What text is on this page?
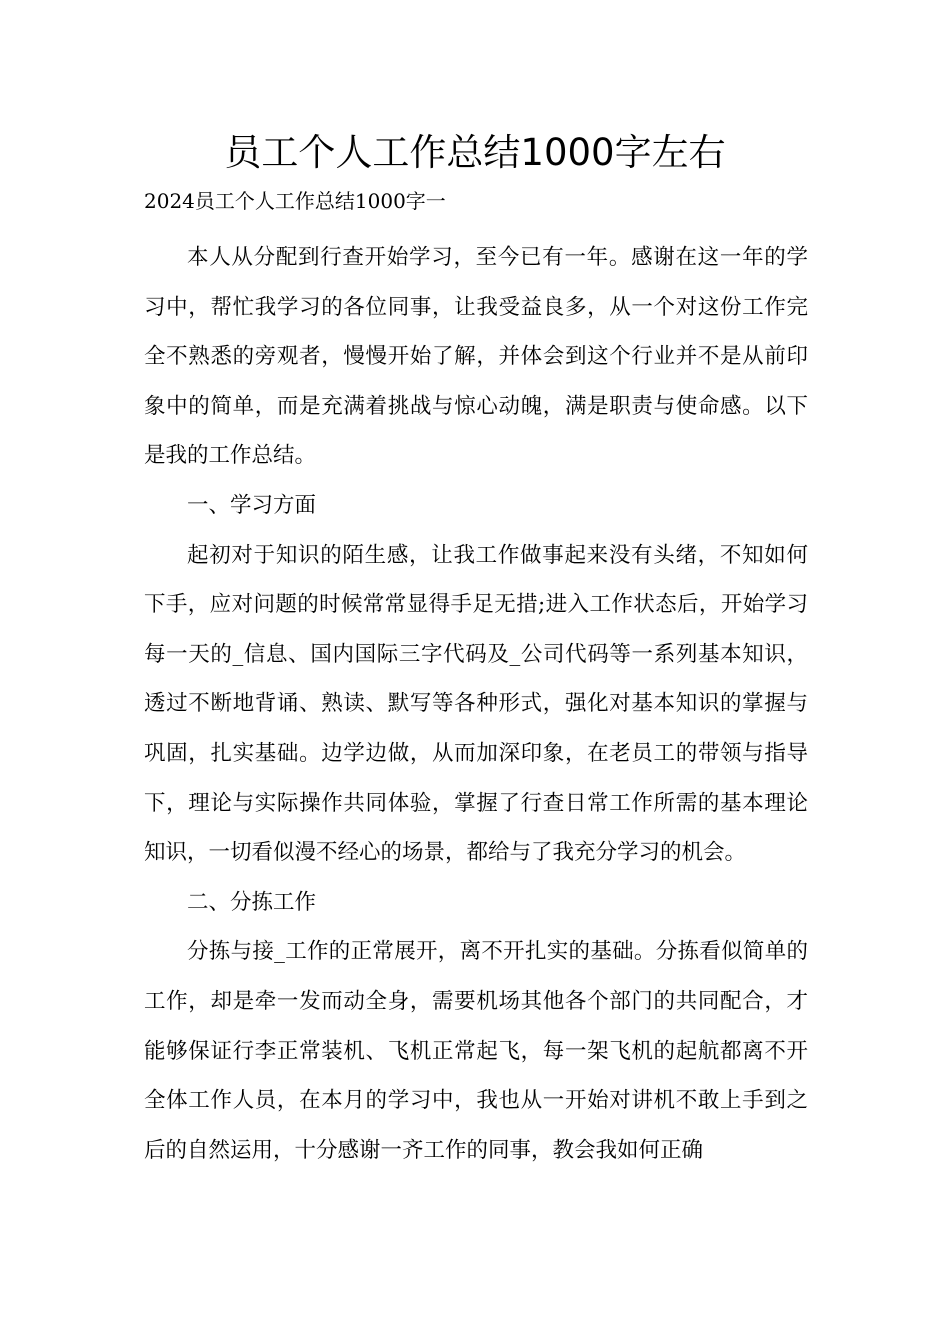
员工个人工作总结1000字左右

2024员工个人工作总结1000字一

本人从分配到行查开始学习，至今已有一年。感谢在这一年的学习中，帮忙我学习的各位同事，让我受益良多，从一个对这份工作完全不熟悉的旁观者，慢慢开始了解，并体会到这个行业并不是从前印象中的简单，而是充满着挑战与惊心动魄，满是职责与使命感。以下是我的工作总结。

一、学习方面

起初对于知识的陌生感，让我工作做事起来没有头绪，不知如何下手，应对问题的时候常常显得手足无措;进入工作状态后，开始学习每一天的_信息、国内国际三字代码及_公司代码等一系列基本知识，透过不断地背诵、熟读、默写等各种形式，强化对基本知识的掌握与巩固，扎实基础。边学边做，从而加深印象，在老员工的带领与指导下，理论与实际操作共同体验，掌握了行查日常工作所需的基本理论知识，一切看似漫不经心的场景，都给与了我充分学习的机会。

二、分拣工作

分拣与接_工作的正常展开，离不开扎实的基础。分拣看似简单的工作，却是牵一发而动全身，需要机场其他各个部门的共同配合，才能够保证行李正常装机、飞机正常起飞，每一架飞机的起航都离不开全体工作人员，在本月的学习中，我也从一开始对讲机不敢上手到之后的自然运用，十分感谢一齐工作的同事，教会我如何正确
